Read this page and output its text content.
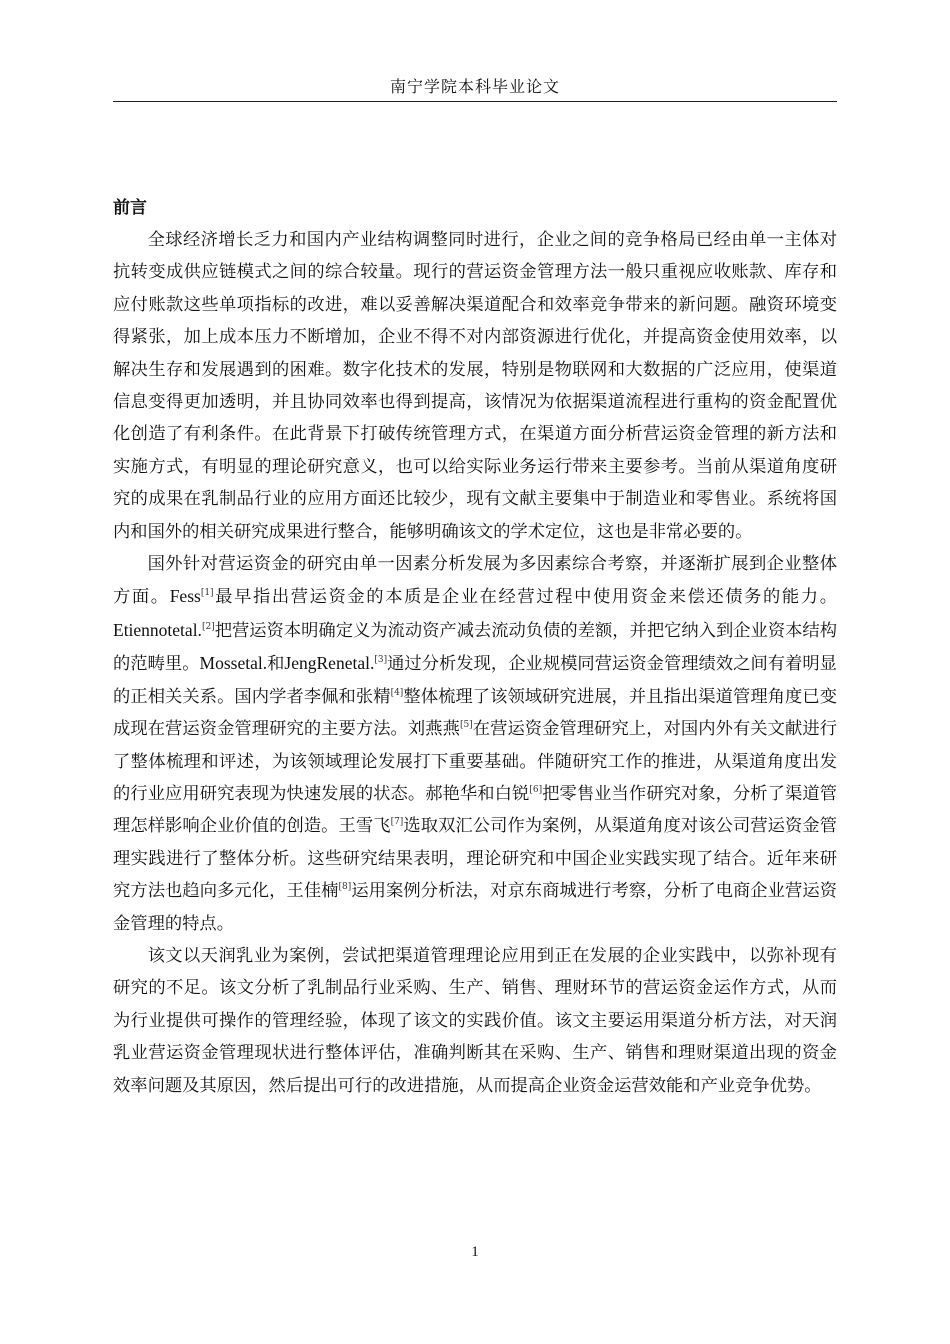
南宁学院本科毕业论文
前言

全球经济增长乏力和国内产业结构调整同时进行，企业之间的竞争格局已经由单一主体对抗转变成供应链模式之间的综合较量。现行的营运资金管理方法一般只重视应收账款、库存和应付账款这些单项指标的改进，难以妥善解决渠道配合和效率竞争带来的新问题。融资环境变得紧张，加上成本压力不断增加，企业不得不对内部资源进行优化，并提高资金使用效率，以解决生存和发展遇到的困难。数字化技术的发展，特别是物联网和大数据的广泛应用，使渠道信息变得更加透明，并且协同效率也得到提高，该情况为依据渠道流程进行重构的资金配置优化创造了有利条件。在此背景下打破传统管理方式，在渠道方面分析营运资金管理的新方法和实施方式，有明显的理论研究意义，也可以给实际业务运行带来主要参考。当前从渠道角度研究的成果在乳制品行业的应用方面还比较少，现有文献主要集中于制造业和零售业。系统将国内和国外的相关研究成果进行整合，能够明确该文的学术定位，这也是非常必要的。

国外针对营运资金的研究由单一因素分析发展为多因素综合考察，并逐渐扩展到企业整体方面。Fess[1]最早指出营运资金的本质是企业在经营过程中使用资金来偿还债务的能力。Etiennotetal.[2]把营运资本明确定义为流动资产减去流动负债的差额，并把它纳入到企业资本结构的范畴里。Mossetal.和JengRenetal.[3]通过分析发现，企业规模同营运资金管理绩效之间有着明显的正相关关系。国内学者李佩和张精[4]整体梳理了该领域研究进展，并且指出渠道管理角度已变成现在营运资金管理研究的主要方法。刘燕燕[5]在营运资金管理研究上，对国内外有关文献进行了整体梳理和评述，为该领域理论发展打下重要基础。伴随研究工作的推进，从渠道角度出发的行业应用研究表现为快速发展的状态。郝艳华和白锐[6]把零售业当作研究对象，分析了渠道管理怎样影响企业价值的创造。王雪飞[7]选取双汇公司作为案例，从渠道角度对该公司营运资金管理实践进行了整体分析。这些研究结果表明，理论研究和中国企业实践实现了结合。近年来研究方法也趋向多元化，王佳楠[8]运用案例分析法，对京东商城进行考察，分析了电商企业营运资金管理的特点。

该文以天润乳业为案例，尝试把渠道管理理论应用到正在发展的企业实践中，以弥补现有研究的不足。该文分析了乳制品行业采购、生产、销售、理财环节的营运资金运作方式，从而为行业提供可操作的管理经验，体现了该文的实践价值。该文主要运用渠道分析方法，对天润乳业营运资金管理现状进行整体评估，准确判断其在采购、生产、销售和理财渠道出现的资金效率问题及其原因，然后提出可行的改进措施，从而提高企业资金运营效能和产业竞争优势。

1
